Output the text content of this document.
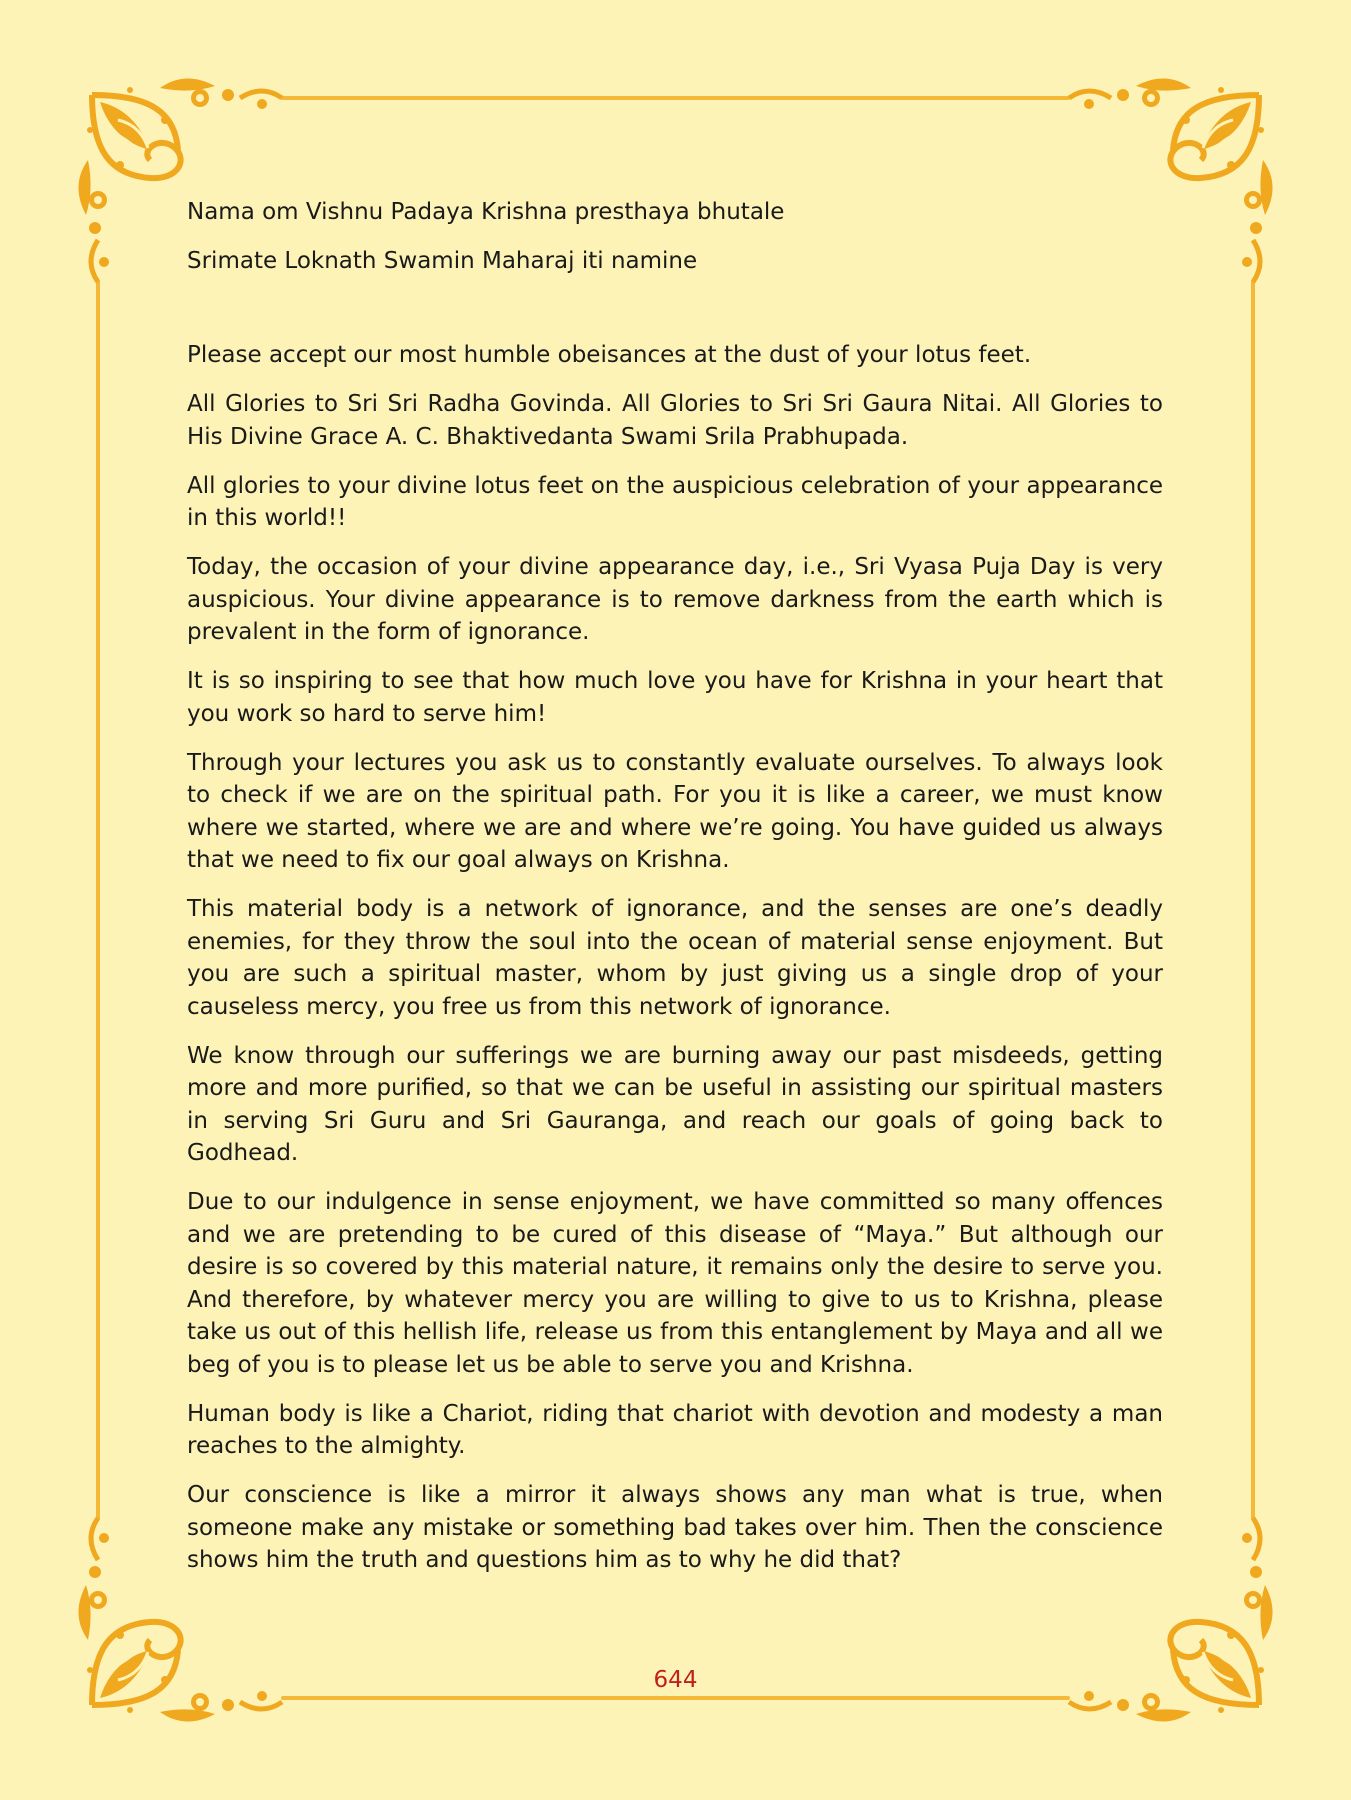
Nama om Vishnu Padaya Krishna presthaya bhutale

Srimate Loknath Swamin Maharaj iti namine

Please accept our most humble obeisances at the dust of your lotus feet.

All Glories to Sri Sri Radha Govinda. All Glories to Sri Sri Gaura Nitai. All Glories to His Divine Grace A. C. Bhaktivedanta Swami Srila Prabhupada.

All glories to your divine lotus feet on the auspicious celebration of your appearance in this world!!

Today, the occasion of your divine appearance day, i.e., Sri Vyasa Puja Day is very auspicious. Your divine appearance is to remove darkness from the earth which is prevalent in the form of ignorance.

It is so inspiring to see that how much love you have for Krishna in your heart that you work so hard to serve him!

Through your lectures you ask us to constantly evaluate ourselves. To always look to check if we are on the spiritual path. For you it is like a career, we must know where we started, where we are and where we’re going. You have guided us always that we need to fix our goal always on Krishna.

This material body is a network of ignorance, and the senses are one’s deadly enemies, for they throw the soul into the ocean of material sense enjoyment. But you are such a spiritual master, whom by just giving us a single drop of your causeless mercy, you free us from this network of ignorance.

We know through our sufferings we are burning away our past misdeeds, getting more and more purified, so that we can be useful in assisting our spiritual masters in serving Sri Guru and Sri Gauranga, and reach our goals of going back to Godhead.

Due to our indulgence in sense enjoyment, we have committed so many offences and we are pretending to be cured of this disease of “Maya.” But although our desire is so covered by this material nature, it remains only the desire to serve you. And therefore, by whatever mercy you are willing to give to us to Krishna, please take us out of this hellish life, release us from this entanglement by Maya and all we beg of you is to please let us be able to serve you and Krishna.

Human body is like a Chariot, riding that chariot with devotion and modesty a man reaches to the almighty.

Our conscience is like a mirror it always shows any man what is true, when someone make any mistake or something bad takes over him. Then the conscience shows him the truth and questions him as to why he did that?

644
